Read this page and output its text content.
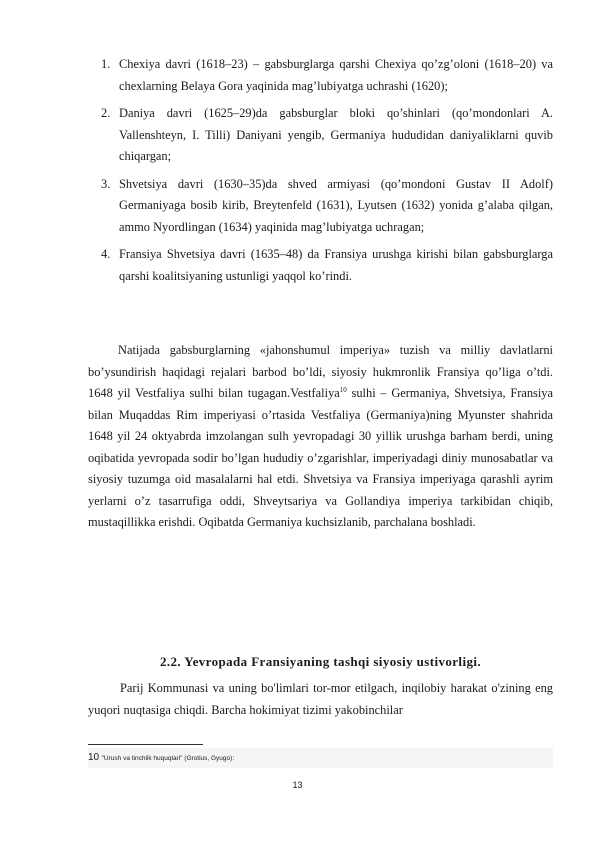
1. Chexiya davri (1618–23) – gabsburglarga qarshi Chexiya qo’zg’oloni (1618–20) va chexlarning Belaya Gora yaqinida mag’lubiyatga uchrashi (1620);
2. Daniya davri (1625–29)da gabsburglar bloki qo’shinlari (qo’mondonlari A. Vallenshteyn, I. Tilli) Daniyani yengib, Germaniya hududidan daniyaliklarni quvib chiqargan;
3. Shvetsiya davri (1630–35)da shved armiyasi (qo’mondoni Gustav II Adolf) Germaniyaga bosib kirib, Breytenfeld (1631), Lyutsen (1632) yonida g’alaba qilgan, ammo Nyordlingan (1634) yaqinida mag’lubiyatga uchragan;
4. Fransiya Shvetsiya davri (1635–48) da Fransiya urushga kirishi bilan gabsburglarga qarshi koalitsiyaning ustunligi yaqqol ko’rindi.

Natijada gabsburglarning «jahonshumul imperiya» tuzish va milliy davlatlarni bo’ysundirish haqidagi rejalari barbod bo’ldi, siyosiy hukmronlik Fransiya qo’liga o’tdi. 1648 yil Vestfaliya sulhi bilan tugagan.Vestfaliya$^{10}$ sulhi – Germaniya, Shvetsiya, Fransiya bilan Muqaddas Rim imperiyasi o’rtasida Vestfaliya (Germaniya)ning Myunster shahrida 1648 yil 24 oktyabrda imzolangan sulh yevropadagi 30 yillik urushga barham berdi, uning oqibatida yevropada sodir bo’lgan hududiy o’zgarishlar, imperiyadagi diniy munosabatlar va siyosiy tuzumga oid masalalarni hal etdi. Shvetsiya va Fransiya imperiyaga qarashli ayrim yerlarni o’z tasarrufiga oddi, Shveytsariya va Gollandiya imperiya tarkibidan chiqib, mustaqillikka erishdi. Oqibatda Germaniya kuchsizlanib, parchalana boshladi.

2.2. Yevropada Fransiyaning tashqi siyosiy ustivorligi.

Parij Kommunasi va uning bo'limlari tor-mor etilgach, inqilobiy harakat o'zining eng yuqori nuqtasiga chiqdi. Barcha hokimiyat tizimi yakobinchilar

10 "Urush va tinchlik huquqlari" (Grotius, Gyugo):
13
